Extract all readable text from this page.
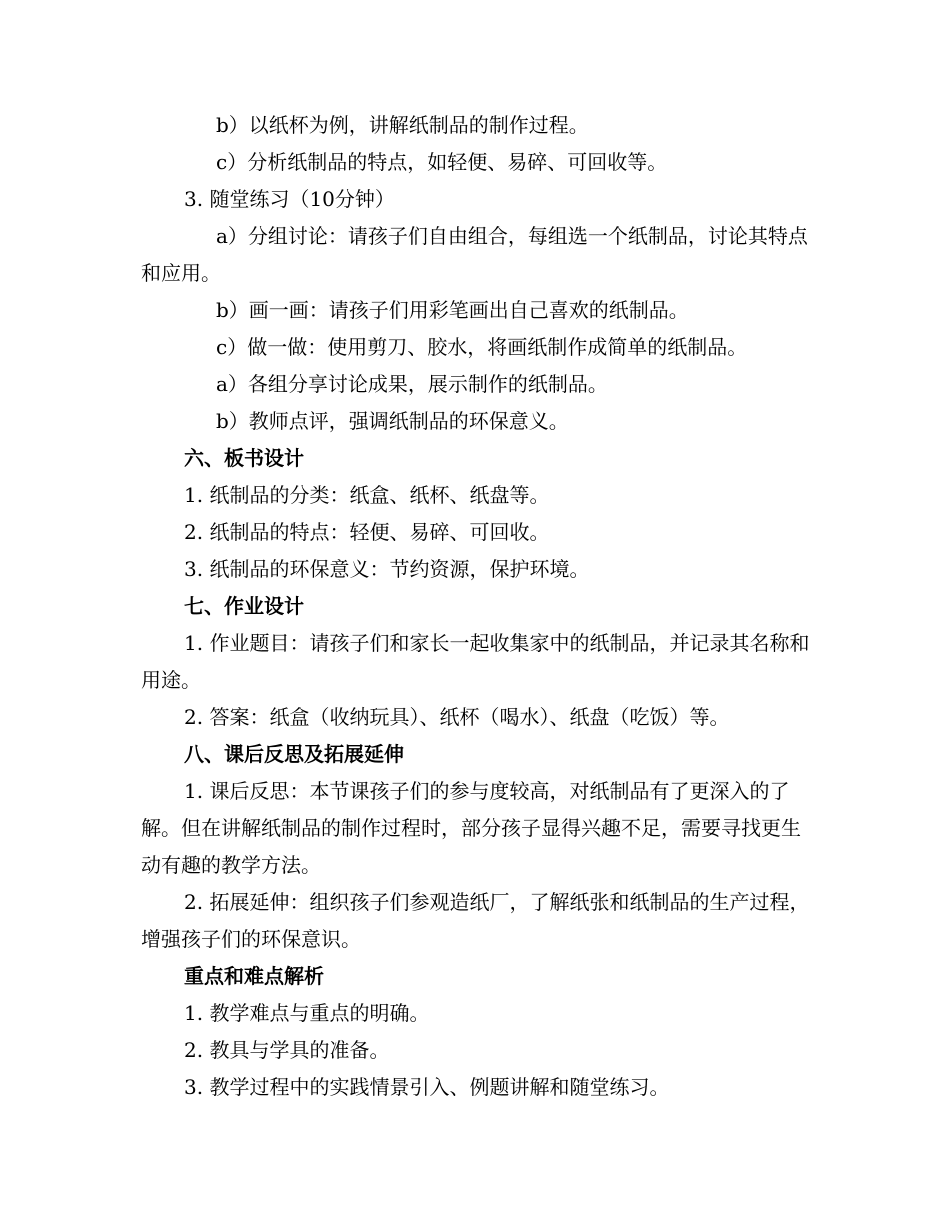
b）以纸杯为例，讲解纸制品的制作过程。

c）分析纸制品的特点，如轻便、易碎、可回收等。

3. 随堂练习（10分钟）

a）分组讨论：请孩子们自由组合，每组选一个纸制品，讨论其特点和应用。

b）画一画：请孩子们用彩笔画出自己喜欢的纸制品。

c）做一做：使用剪刀、胶水，将画纸制作成简单的纸制品。

a）各组分享讨论成果，展示制作的纸制品。

b）教师点评，强调纸制品的环保意义。

六、板书设计

1. 纸制品的分类：纸盒、纸杯、纸盘等。

2. 纸制品的特点：轻便、易碎、可回收。

3. 纸制品的环保意义：节约资源，保护环境。

七、作业设计

1. 作业题目：请孩子们和家长一起收集家中的纸制品，并记录其名称和用途。

2. 答案：纸盒（收纳玩具）、纸杯（喝水）、纸盘（吃饭）等。

八、课后反思及拓展延伸

1. 课后反思：本节课孩子们的参与度较高，对纸制品有了更深入的了解。但在讲解纸制品的制作过程时，部分孩子显得兴趣不足，需要寻找更生动有趣的教学方法。

2. 拓展延伸：组织孩子们参观造纸厂，了解纸张和纸制品的生产过程，增强孩子们的环保意识。

重点和难点解析

1. 教学难点与重点的明确。

2. 教具与学具的准备。

3. 教学过程中的实践情景引入、例题讲解和随堂练习。
